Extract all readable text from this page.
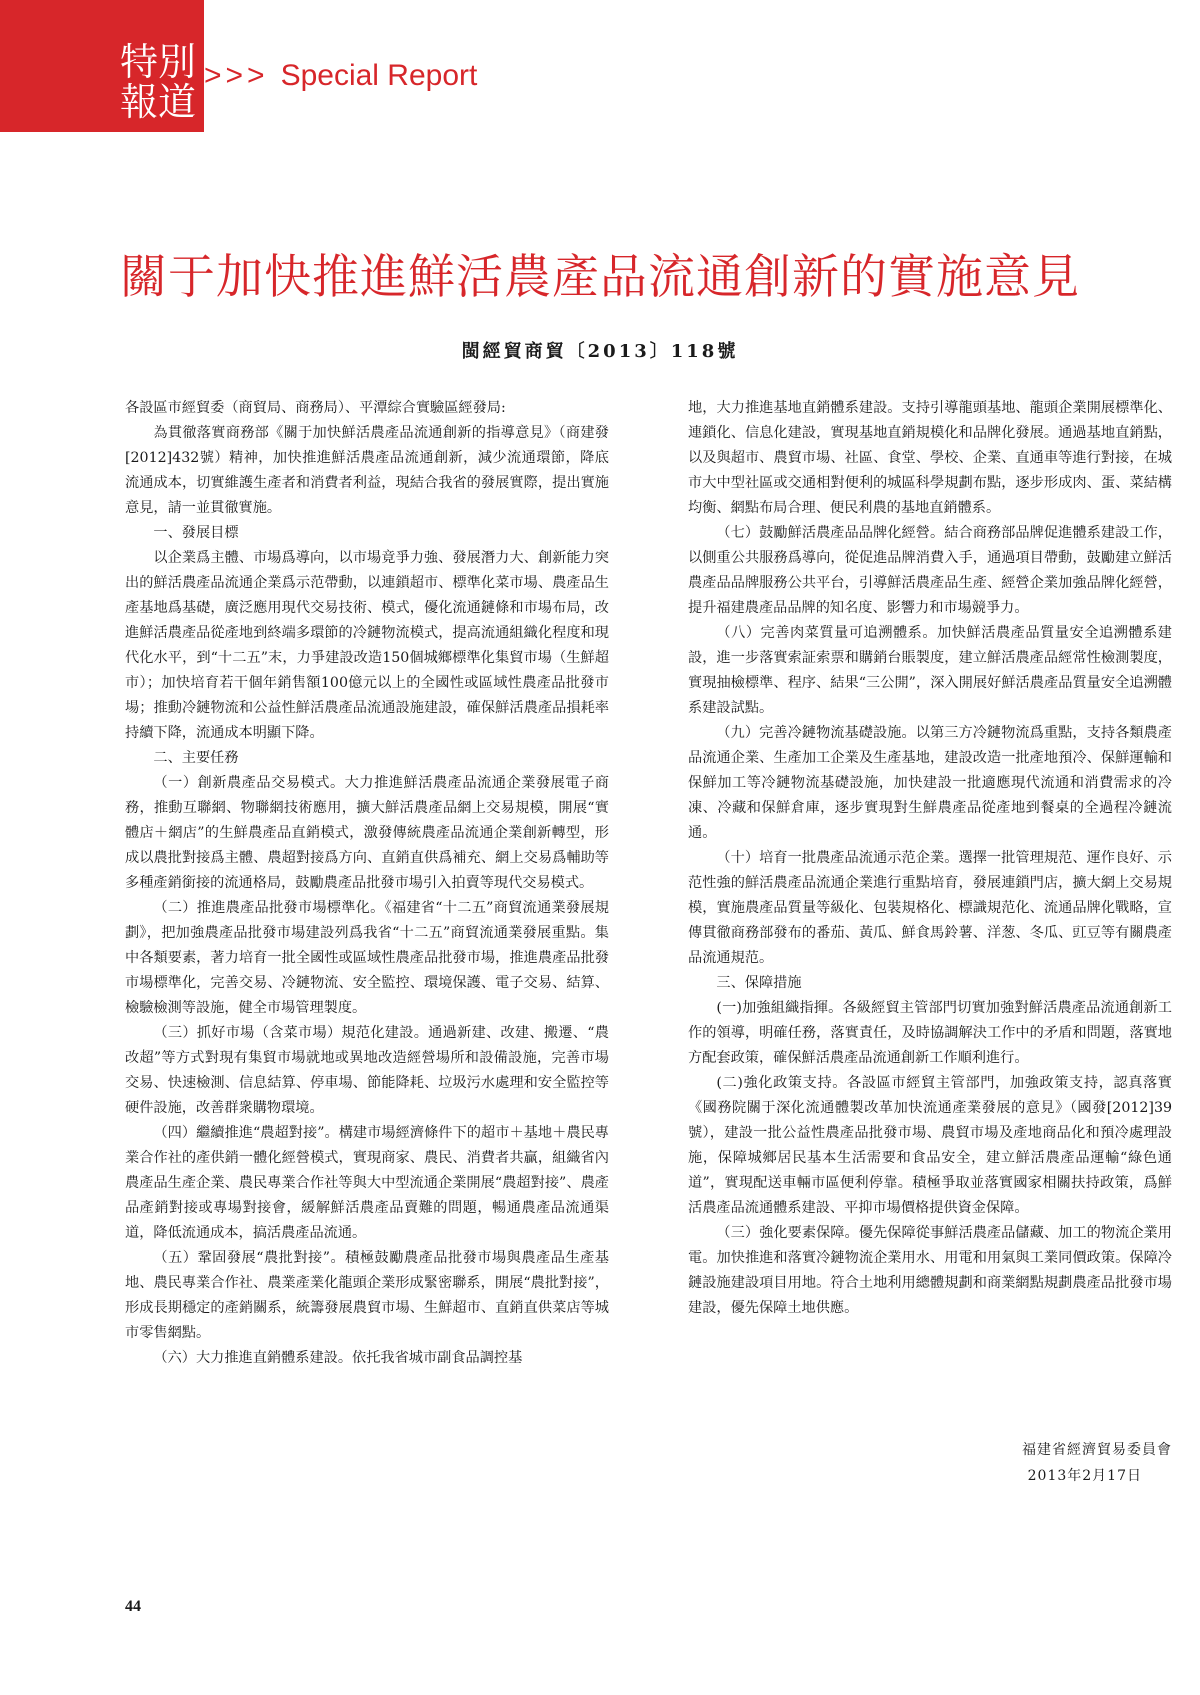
特別
報道
>>> Special Report
關于加快推進鮮活農產品流通創新的實施意見
閩經貿商貿〔2013〕118號

各設區市經貿委（商貿局、商務局）、平潭綜合實驗區經發局:

為貫徹落實商務部《關于加快鮮活農產品流通創新的指導意見》（商建發[2012]432號）精神，加快推進鮮活農產品流通創新，減少流通環節，降底流通成本，切實維護生產者和消費者利益，現結合我省的發展實際，提出實施意見，請一並貫徹實施。

一、發展目標

以企業爲主體、市場爲導向，以市場竟爭力強、發展潛力大、創新能力突出的鮮活農產品流通企業爲示范帶動，以連鎖超市、標準化菜市場、農產品生產基地爲基礎，廣泛應用現代交易技術、模式，優化流通鏈條和市場布局，改進鮮活農產品從產地到終端多環節的冷鏈物流模式，提高流通組織化程度和現代化水平，到“十二五”末，力爭建設改造150個城鄉標準化集貿市場（生鮮超市）；加快培育若干個年銷售額100億元以上的全國性或區域性農產品批發市場；推動冷鏈物流和公益性鮮活農產品流通設施建設，確保鮮活農產品損耗率持續下降，流通成本明顯下降。

二、主要任務

（一）創新農產品交易模式。大力推進鮮活農產品流通企業發展電子商務，推動互聯網、物聯網技術應用，擴大鮮活農產品網上交易規模，開展“實體店＋網店”的生鮮農產品直銷模式，激發傳統農產品流通企業創新轉型，形成以農批對接爲主體、農超對接爲方向、直銷直供爲補充、網上交易爲輔助等多種產銷銜接的流通格局，鼓勵農產品批發市場引入拍賣等現代交易模式。

（二）推進農產品批發市場標準化。《福建省“十二五”商貿流通業發展規劃》，把加強農產品批發市場建設列爲我省“十二五”商貿流通業發展重點。集中各類要素，著力培育一批全國性或區域性農產品批發市場，推進農產品批發市場標準化，完善交易、冷鏈物流、安全監控、環境保護、電子交易、結算、檢驗檢測等設施，健全市場管理製度。

（三）抓好市場（含菜市場）規范化建設。通過新建、改建、搬遷、“農改超”等方式對現有集貿市場就地或異地改造經營場所和設備設施，完善市場交易、快速檢測、信息結算、停車場、節能降耗、垃圾污水處理和安全監控等硬件設施，改善群衆購物環境。

（四）繼續推進“農超對接”。構建市場經濟條件下的超市＋基地＋農民專業合作社的產供銷一體化經營模式，實現商家、農民、消費者共贏，組織省內農產品生產企業、農民專業合作社等與大中型流通企業開展“農超對接”、農產品產銷對接或專場對接會，緩解鮮活農產品賣難的問題，暢通農產品流通渠道，降低流通成本，搞活農產品流通。

（五）鞏固發展“農批對接”。積極鼓勵農產品批發市場與農產品生產基地、農民專業合作社、農業產業化龍頭企業形成緊密聯系，開展“農批對接”，形成長期穩定的產銷關系，統籌發展農貿市場、生鮮超市、直銷直供菜店等城市零售網點。

（六）大力推進直銷體系建設。依托我省城市副食品調控基

地，大力推進基地直銷體系建設。支持引導龍頭基地、龍頭企業開展標準化、連鎖化、信息化建設，實現基地直銷規模化和品牌化發展。通過基地直銷點，以及與超市、農貿市場、社區、食堂、學校、企業、直通車等進行對接，在城市大中型社區或交通相對便利的城區科學規劃布點，逐步形成肉、蛋、菜結構均衡、網點布局合理、便民利農的基地直銷體系。

（七）鼓勵鮮活農產品品牌化經營。結合商務部品牌促進體系建設工作，以側重公共服務爲導向，從促進品牌消費入手，通過項目帶動，鼓勵建立鮮活農產品品牌服務公共平台，引導鮮活農產品生產、經營企業加強品牌化經營，提升福建農產品品牌的知名度、影響力和市場競爭力。

（八）完善肉菜質量可追溯體系。加快鮮活農產品質量安全追溯體系建設，進一步落實索証索票和購銷台賬製度，建立鮮活農產品經常性檢測製度，實現抽檢標準、程序、結果“三公開”，深入開展好鮮活農產品質量安全追溯體系建設試點。

（九）完善冷鏈物流基礎設施。以第三方冷鏈物流爲重點，支持各類農產品流通企業、生產加工企業及生產基地，建設改造一批產地預冷、保鮮運輸和保鮮加工等冷鏈物流基礎設施，加快建設一批適應現代流通和消費需求的冷凍、冷藏和保鮮倉庫，逐步實現對生鮮農產品從產地到餐桌的全過程冷鏈流通。

（十）培育一批農產品流通示范企業。選擇一批管理規范、運作良好、示范性強的鮮活農產品流通企業進行重點培育，發展連鎖門店，擴大網上交易規模，實施農產品質量等級化、包裝規格化、標識規范化、流通品牌化戰略，宣傳貫徹商務部發布的番茄、黃瓜、鮮食馬鈴薯、洋葱、冬瓜、豇豆等有關農產品流通規范。

三、保障措施

(一)加強組織指揮。各級經貿主管部門切實加強對鮮活農產品流通創新工作的領導，明確任務，落實責任，及時協調解決工作中的矛盾和問題，落實地方配套政策，確保鮮活農產品流通創新工作順利進行。

(二)強化政策支持。各設區市經貿主管部門，加強政策支持，認真落實《國務院關于深化流通體製改革加快流通產業發展的意見》（國發[2012]39號），建設一批公益性農產品批發市場、農貿市場及產地商品化和預冷處理設施，保障城鄉居民基本生活需要和食品安全，建立鮮活農產品運輸“綠色通道”，實現配送車輛市區便利停靠。積極爭取並落實國家相關扶持政策，爲鮮活農產品流通體系建設、平抑市場價格提供資金保障。

（三）強化要素保障。優先保障從事鮮活農產品儲藏、加工的物流企業用電。加快推進和落實冷鏈物流企業用水、用電和用氣與工業同價政策。保障冷鏈設施建設項目用地。符合土地利用總體規劃和商業網點規劃農產品批發市場建設，優先保障土地供應。

福建省經濟貿易委員會
2013年2月17日
44
